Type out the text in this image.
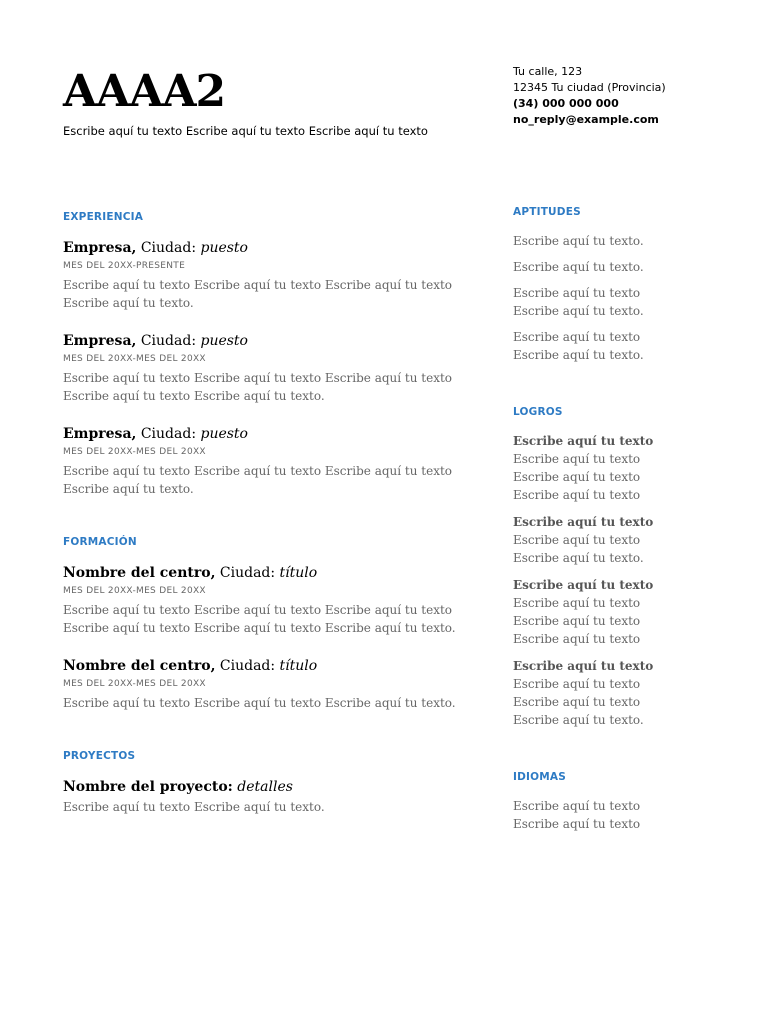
AAAA2
Escribe aquí tu texto Escribe aquí tu texto Escribe aquí tu texto
EXPERIENCIA
Empresa, Ciudad: puesto
MES DEL 20XX-PRESENTE
Escribe aquí tu texto Escribe aquí tu texto Escribe aquí tu texto Escribe aquí tu texto.
Empresa, Ciudad: puesto
MES DEL 20XX-MES DEL 20XX
Escribe aquí tu texto Escribe aquí tu texto Escribe aquí tu texto Escribe aquí tu texto Escribe aquí tu texto.
Empresa, Ciudad: puesto
MES DEL 20XX-MES DEL 20XX
Escribe aquí tu texto Escribe aquí tu texto Escribe aquí tu texto Escribe aquí tu texto.
FORMACIÓN
Nombre del centro, Ciudad: título
MES DEL 20XX-MES DEL 20XX
Escribe aquí tu texto Escribe aquí tu texto Escribe aquí tu texto Escribe aquí tu texto Escribe aquí tu texto Escribe aquí tu texto.
Nombre del centro, Ciudad: título
MES DEL 20XX-MES DEL 20XX
Escribe aquí tu texto Escribe aquí tu texto Escribe aquí tu texto.
PROYECTOS
Nombre del proyecto: detalles
Escribe aquí tu texto Escribe aquí tu texto.
Tu calle, 123
12345 Tu ciudad (Provincia)
(34) 000 000 000
no_reply@example.com
APTITUDES
Escribe aquí tu texto.
Escribe aquí tu texto.
Escribe aquí tu texto Escribe aquí tu texto.
Escribe aquí tu texto Escribe aquí tu texto.
LOGROS
Escribe aquí tu texto Escribe aquí tu texto Escribe aquí tu texto Escribe aquí tu texto
Escribe aquí tu texto Escribe aquí tu texto Escribe aquí tu texto.
Escribe aquí tu texto Escribe aquí tu texto Escribe aquí tu texto Escribe aquí tu texto
Escribe aquí tu texto Escribe aquí tu texto Escribe aquí tu texto Escribe aquí tu texto.
IDIOMAS
Escribe aquí tu texto Escribe aquí tu texto
